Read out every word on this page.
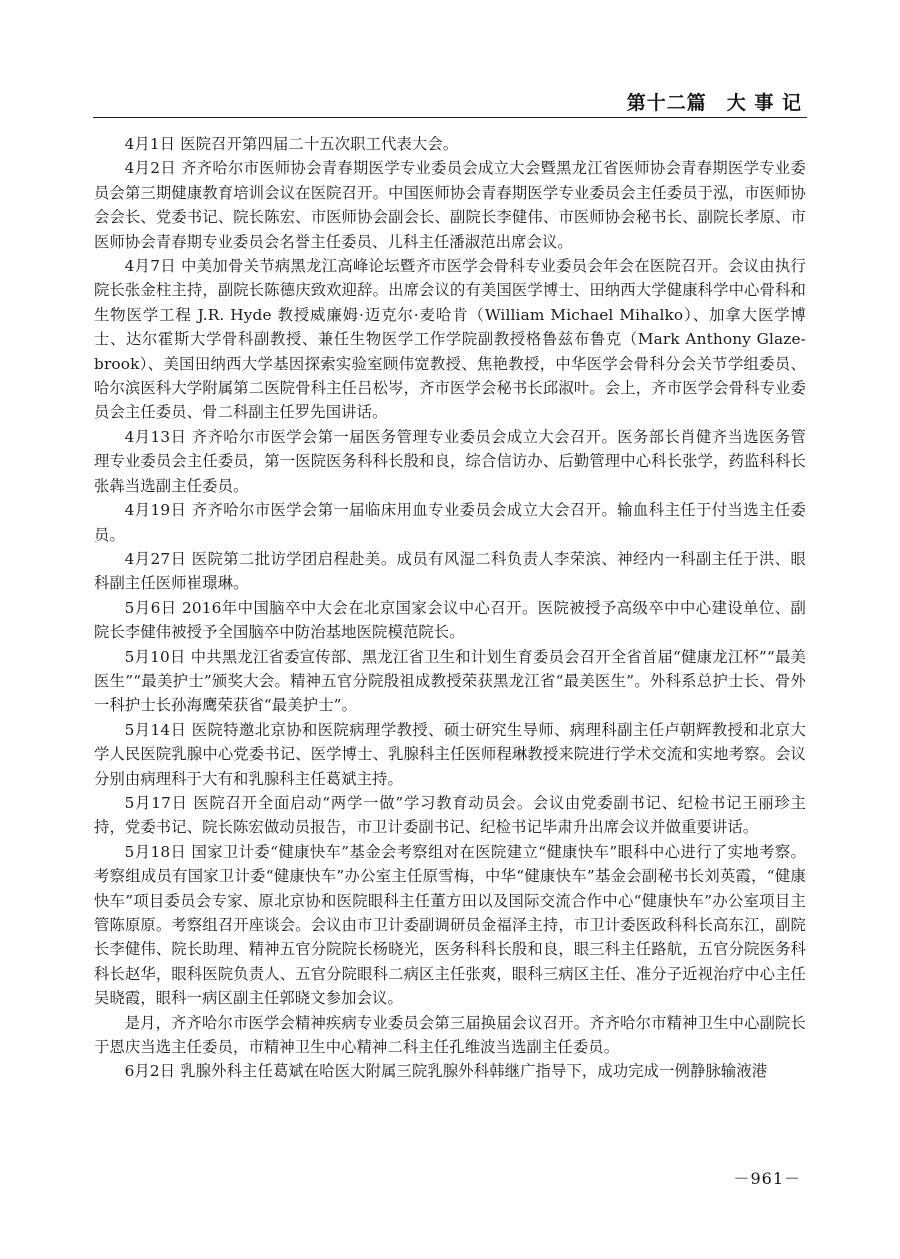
第十二篇　大 事 记

4月1日 医院召开第四届二十五次职工代表大会。

4月2日 齐齐哈尔市医师协会青春期医学专业委员会成立大会暨黑龙江省医师协会青春期医学专业委员会第三期健康教育培训会议在医院召开。中国医师协会青春期医学专业委员会主任委员于泓，市医师协会会长、党委书记、院长陈宏、市医师协会副会长、副院长李健伟、市医师协会秘书长、副院长孝原、市医师协会青春期专业委员会名誉主任委员、儿科主任潘淑范出席会议。

4月7日 中美加骨关节病黑龙江高峰论坛暨齐市医学会骨科专业委员会年会在医院召开。会议由执行院长张金柱主持，副院长陈德庆致欢迎辞。出席会议的有美国医学博士、田纳西大学健康科学中心骨科和生物医学工程 J.R. Hyde 教授威廉姆·迈克尔·麦哈肯（William Michael Mihalko）、加拿大医学博士、达尔霍斯大学骨科副教授、兼任生物医学工作学院副教授格鲁兹布鲁克（Mark Anthony Glaze-brook）、美国田纳西大学基因探索实验室顾伟宽教授、焦艳教授，中华医学会骨科分会关节学组委员、哈尔滨医科大学附属第二医院骨科主任吕松岑，齐市医学会秘书长邱淑叶。会上，齐市医学会骨科专业委员会主任委员、骨二科副主任罗先国讲话。

4月13日 齐齐哈尔市医学会第一届医务管理专业委员会成立大会召开。医务部长肖健齐当选医务管理专业委员会主任委员，第一医院医务科科长殷和良，综合信访办、后勤管理中心科长张学，药监科科长张犇当选副主任委员。

4月19日 齐齐哈尔市医学会第一届临床用血专业委员会成立大会召开。输血科主任于付当选主任委员。

4月27日 医院第二批访学团启程赴美。成员有风湿二科负责人李荣滨、神经内一科副主任于洪、眼科副主任医师崔璟琳。

5月6日 2016年中国脑卒中大会在北京国家会议中心召开。医院被授予高级卒中中心建设单位、副院长李健伟被授予全国脑卒中防治基地医院模范院长。

5月10日 中共黑龙江省委宣传部、黑龙江省卫生和计划生育委员会召开全省首届“健康龙江杯”“最美医生”“最美护士”颁奖大会。精神五官分院殷祖成教授荣获黑龙江省“最美医生”。外科系总护士长、骨外一科护士长孙海鹰荣获省“最美护士”。

5月14日 医院特邀北京协和医院病理学教授、硕士研究生导师、病理科副主任卢朝辉教授和北京大学人民医院乳腺中心党委书记、医学博士、乳腺科主任医师程琳教授来院进行学术交流和实地考察。会议分别由病理科于大有和乳腺科主任葛斌主持。

5月17日 医院召开全面启动“两学一做”学习教育动员会。会议由党委副书记、纪检书记王丽珍主持，党委书记、院长陈宏做动员报告，市卫计委副书记、纪检书记毕肃升出席会议并做重要讲话。

5月18日 国家卫计委“健康快车”基金会考察组对在医院建立“健康快车”眼科中心进行了实地考察。考察组成员有国家卫计委“健康快车”办公室主任原雪梅，中华“健康快车”基金会副秘书长刘英霞，“健康快车”项目委员会专家、原北京协和医院眼科主任董方田以及国际交流合作中心“健康快车”办公室项目主管陈原原。考察组召开座谈会。会议由市卫计委副调研员金福泽主持，市卫计委医政科科长高东江，副院长李健伟、院长助理、精神五官分院院长杨晓光，医务科科长殷和良，眼三科主任路航，五官分院医务科科长赵华，眼科医院负责人、五官分院眼科二病区主任张爽，眼科三病区主任、准分子近视治疗中心主任吴晓霞，眼科一病区副主任郭晓文参加会议。

是月，齐齐哈尔市医学会精神疾病专业委员会第三届换届会议召开。齐齐哈尔市精神卫生中心副院长于恩庆当选主任委员，市精神卫生中心精神二科主任孔维波当选副主任委员。

6月2日 乳腺外科主任葛斌在哈医大附属三院乳腺外科韩继广指导下，成功完成一例静脉输液港

－961－
